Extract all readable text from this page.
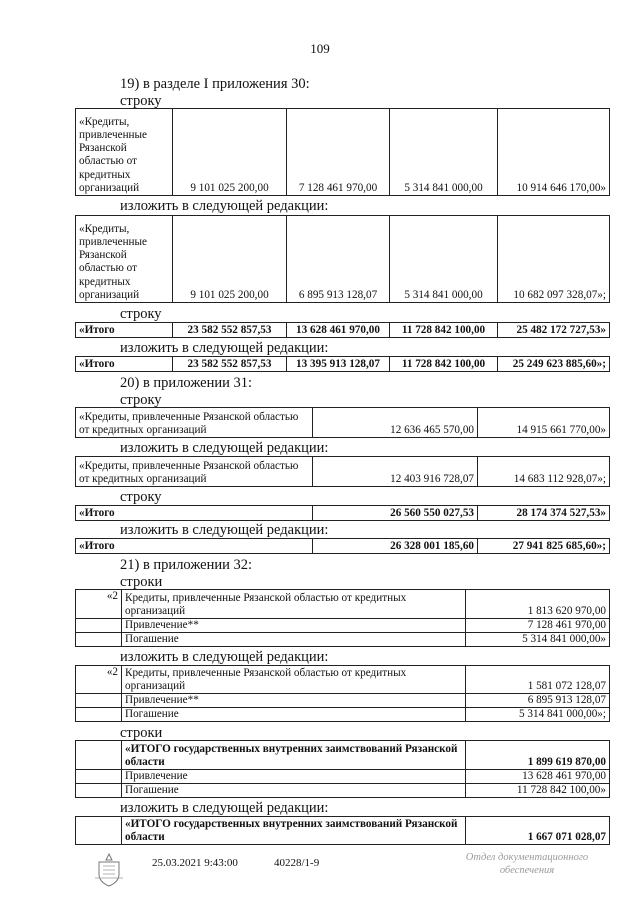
109
19) в разделе I приложения 30:
строку
«Кредиты, привлеченные Рязанской областью от кредитных организаций	9 101 025 200,00	7 128 461 970,00	5 314 841 000,00	10 914 646 170,00»
изложить в следующей редакции:
«Кредиты, привлеченные Рязанской областью от кредитных организаций	9 101 025 200,00	6 895 913 128,07	5 314 841 000,00	10 682 097 328,07»;
строку
«Итого	23 582 552 857,53	13 628 461 970,00	11 728 842 100,00	25 482 172 727,53»
изложить в следующей редакции:
«Итого	23 582 552 857,53	13 395 913 128,07	11 728 842 100,00	25 249 623 885,60»;
20) в приложении 31:
строку
«Кредиты, привлеченные Рязанской областью от кредитных организаций	12 636 465 570,00	14 915 661 770,00»
изложить в следующей редакции:
«Кредиты, привлеченные Рязанской областью от кредитных организаций	12 403 916 728,07	14 683 112 928,07»;
строку
«Итого	26 560 550 027,53	28 174 374 527,53»
изложить в следующей редакции:
«Итого	26 328 001 185,60	27 941 825 685,60»;
21) в приложении 32:
строки
«2	Кредиты, привлеченные Рязанской областью от кредитных организаций	1 813 620 970,00
	Привлечение**	7 128 461 970,00
	Погашение	5 314 841 000,00»
изложить в следующей редакции:
«2	Кредиты, привлеченные Рязанской областью от кредитных организаций	1 581 072 128,07
	Привлечение**	6 895 913 128,07
	Погашение	5 314 841 000,00»;
строки
	«ИТОГО государственных внутренних заимствований Рязанской области	1 899 619 870,00
	Привлечение	13 628 461 970,00
	Погашение	11 728 842 100,00»
изложить в следующей редакции:
	«ИТОГО государственных внутренних заимствований Рязанской области	1 667 071 028,07
25.03.2021 9:43:00	40228/1-9	Отдел документационного
обеспечения
